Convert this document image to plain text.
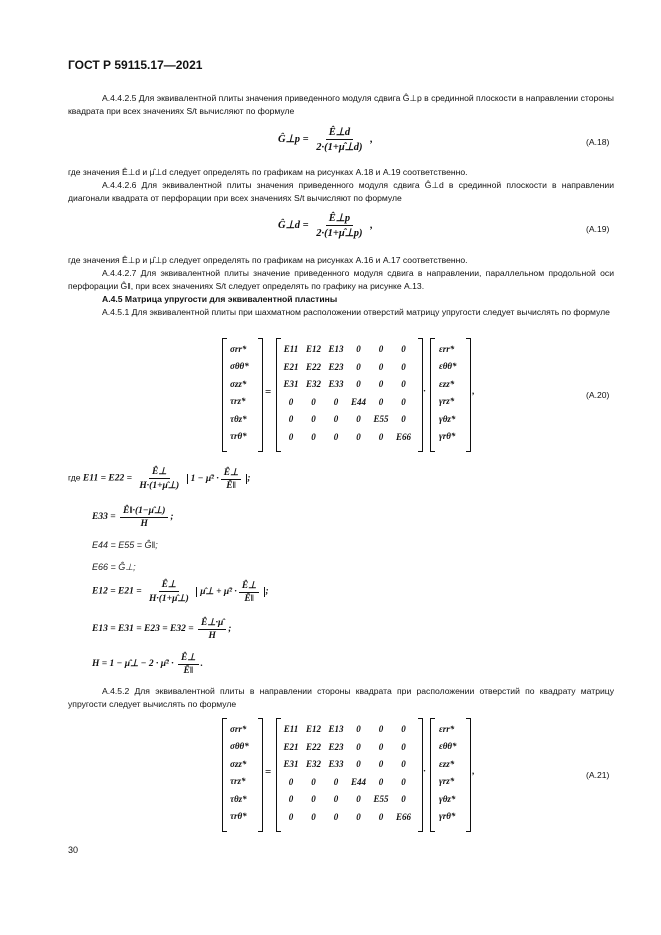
ГОСТ Р 59115.17—2021
А.4.4.2.5 Для эквивалентной плиты значения приведенного модуля сдвига Ĝ⊥p в срединной плоскости в направлении стороны квадрата при всех значениях S/t вычисляют по формуле
Ĝ⊥p = $\frac{Ê\perp d}{2\cdot(1+\mû\perp d)}$ ,	(А.18)
где значения Ê⊥d и μ̂⊥d следует определять по графикам на рисунках А.18 и А.19 соответственно.
А.4.4.2.6 Для эквивалентной плиты значения приведенного модуля сдвига Ĝ⊥d в срединной плоскости в направлении диагонали квадрата от перфорации при всех значениях S/t вычисляют по формуле
Ĝ⊥d = $\frac{Ê\perp p}{2\cdot(1+\mû\perp p)}$ ,	(А.19)
где значения Ê⊥p и μ̂⊥p следует определять по графикам на рисунках А.16 и А.17 соответственно.
А.4.4.2.7 Для эквивалентной плиты значение приведенного модуля сдвига в направлении, параллельном продольной оси перфорации Ĝ‖, при всех значениях S/t следует определять по графику на рисунке А.13.
А.4.5 Матрица упругости для эквивалентной пластины
А.4.5.1 Для эквивалентной плиты при шахматном расположении отверстий матрицу упругости следует вычислять по формуле
σrr*
σθθ*
σzz*
τrz*
τθz*
τrθ*
=	·
εrr*
εθθ*
εzz*
γrz*
γθz*
γrθ*
,
E11 E12 E13	0	0	0
E21 E22 E23	0	0	0
E31 E32 E33	0	0	0
0	0	0	E44	0	0
0	0	0	0	E55	0
0	0	0	0	0	E66
(А.20)
где $E11 = E22 = \frac{Ê\perp}{H\cdot(1+\mû\perp)} 1$ − μ̂² · $\frac{Ê\perp}{Ê‖}$ ;
$E33 = \frac{Ê‖\cdot(1-\mû\perp)}{H}$ ;
E44 = E55 = Ĝ‖;
E66 = Ĝ⊥;
$E12 = E21 = \frac{Ê\perp}{H\cdot(1+\mû\perp)}$ μ̂⊥ + μ̂² · $\frac{Ê\perp}{Ê‖}$ ;
$E13 = E31 = E23 = E32 = \frac{Ê\perp\cdot\mû}{H}$ ;
H = 1 − μ̂⊥ − 2 · μ̂² · $\frac{Ê\perp}{Ê‖}$ .
А.4.5.2 Для эквивалентной плиты в направлении стороны квадрата при расположении отверстий по квадрату матрицу упругости следует вычислять по формуле
σrr*
σθθ*
σzz*
τrz*
τθz*
τrθ*
=	·
εrr*
εθθ*
εzz*
γrz*
γθz*
γrθ*
,
E11 E12 E13	0	0	0
E21 E22 E23	0	0	0
E31 E32 E33	0	0	0
0	0	0	E44	0	0
0	0	0	0	E55	0
0	0	0	0	0	E66
(А.21)
30
